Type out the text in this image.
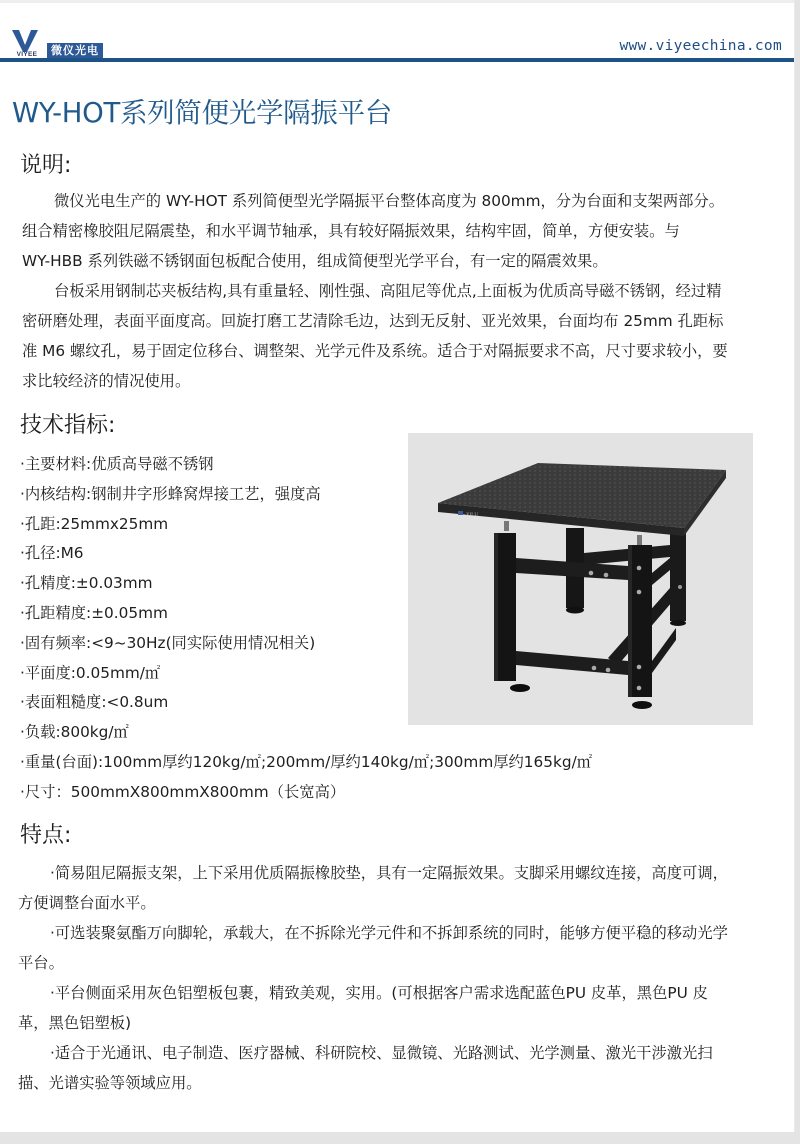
VIYEE	微仪光电	www.viyeechina.com
WY-HOT系列简便光学隔振平台
说明:
微仪光电生产的 WY-HOT 系列简便型光学隔振平台整体高度为 800mm，分为台面和支架两部分。
组合精密橡胶阻尼隔震垫，和水平调节轴承，具有较好隔振效果，结构牢固，简单，方便安装。与
WY-HBB 系列铁磁不锈钢面包板配合使用，组成简便型光学平台，有一定的隔震效果。
台板采用钢制芯夹板结构,具有重量轻、刚性强、高阻尼等优点,上面板为优质高导磁不锈钢，经过精
密研磨处理，表面平面度高。回旋打磨工艺清除毛边，达到无反射、亚光效果，台面均布 25mm 孔距标
准 M6 螺纹孔，易于固定位移台、调整架、光学元件及系统。适合于对隔振要求不高，尺寸要求较小，要
求比较经济的情况使用。
技术指标:
·主要材料:优质高导磁不锈钢
·内核结构:钢制井字形蜂窝焊接工艺，强度高
·孔距:25mmx25mm
·孔径:M6
·孔精度:±0.03mm
·孔距精度:±0.05mm
·固有频率:<9~30Hz(同实际使用情况相关)
·平面度:0.05mm/㎡
·表面粗糙度:<0.8um
·负载:800kg/㎡
·重量(台面):100mm厚约120kg/㎡;200mm/厚约140kg/㎡;300mm厚约165kg/㎡
·尺寸：500mmX800mmX800mm（长宽高）
XILU
特点:
·简易阻尼隔振支架，上下采用优质隔振橡胶垫，具有一定隔振效果。支脚采用螺纹连接，高度可调，
方便调整台面水平。
·可选装聚氨酯万向脚轮，承载大，在不拆除光学元件和不拆卸系统的同时，能够方便平稳的移动光学
平台。
·平台侧面采用灰色铝塑板包裹，精致美观，实用。(可根据客户需求选配蓝色PU 皮革，黑色PU 皮
革，黑色铝塑板)
·适合于光通讯、电子制造、医疗器械、科研院校、显微镜、光路测试、光学测量、激光干涉激光扫
描、光谱实验等领域应用。
